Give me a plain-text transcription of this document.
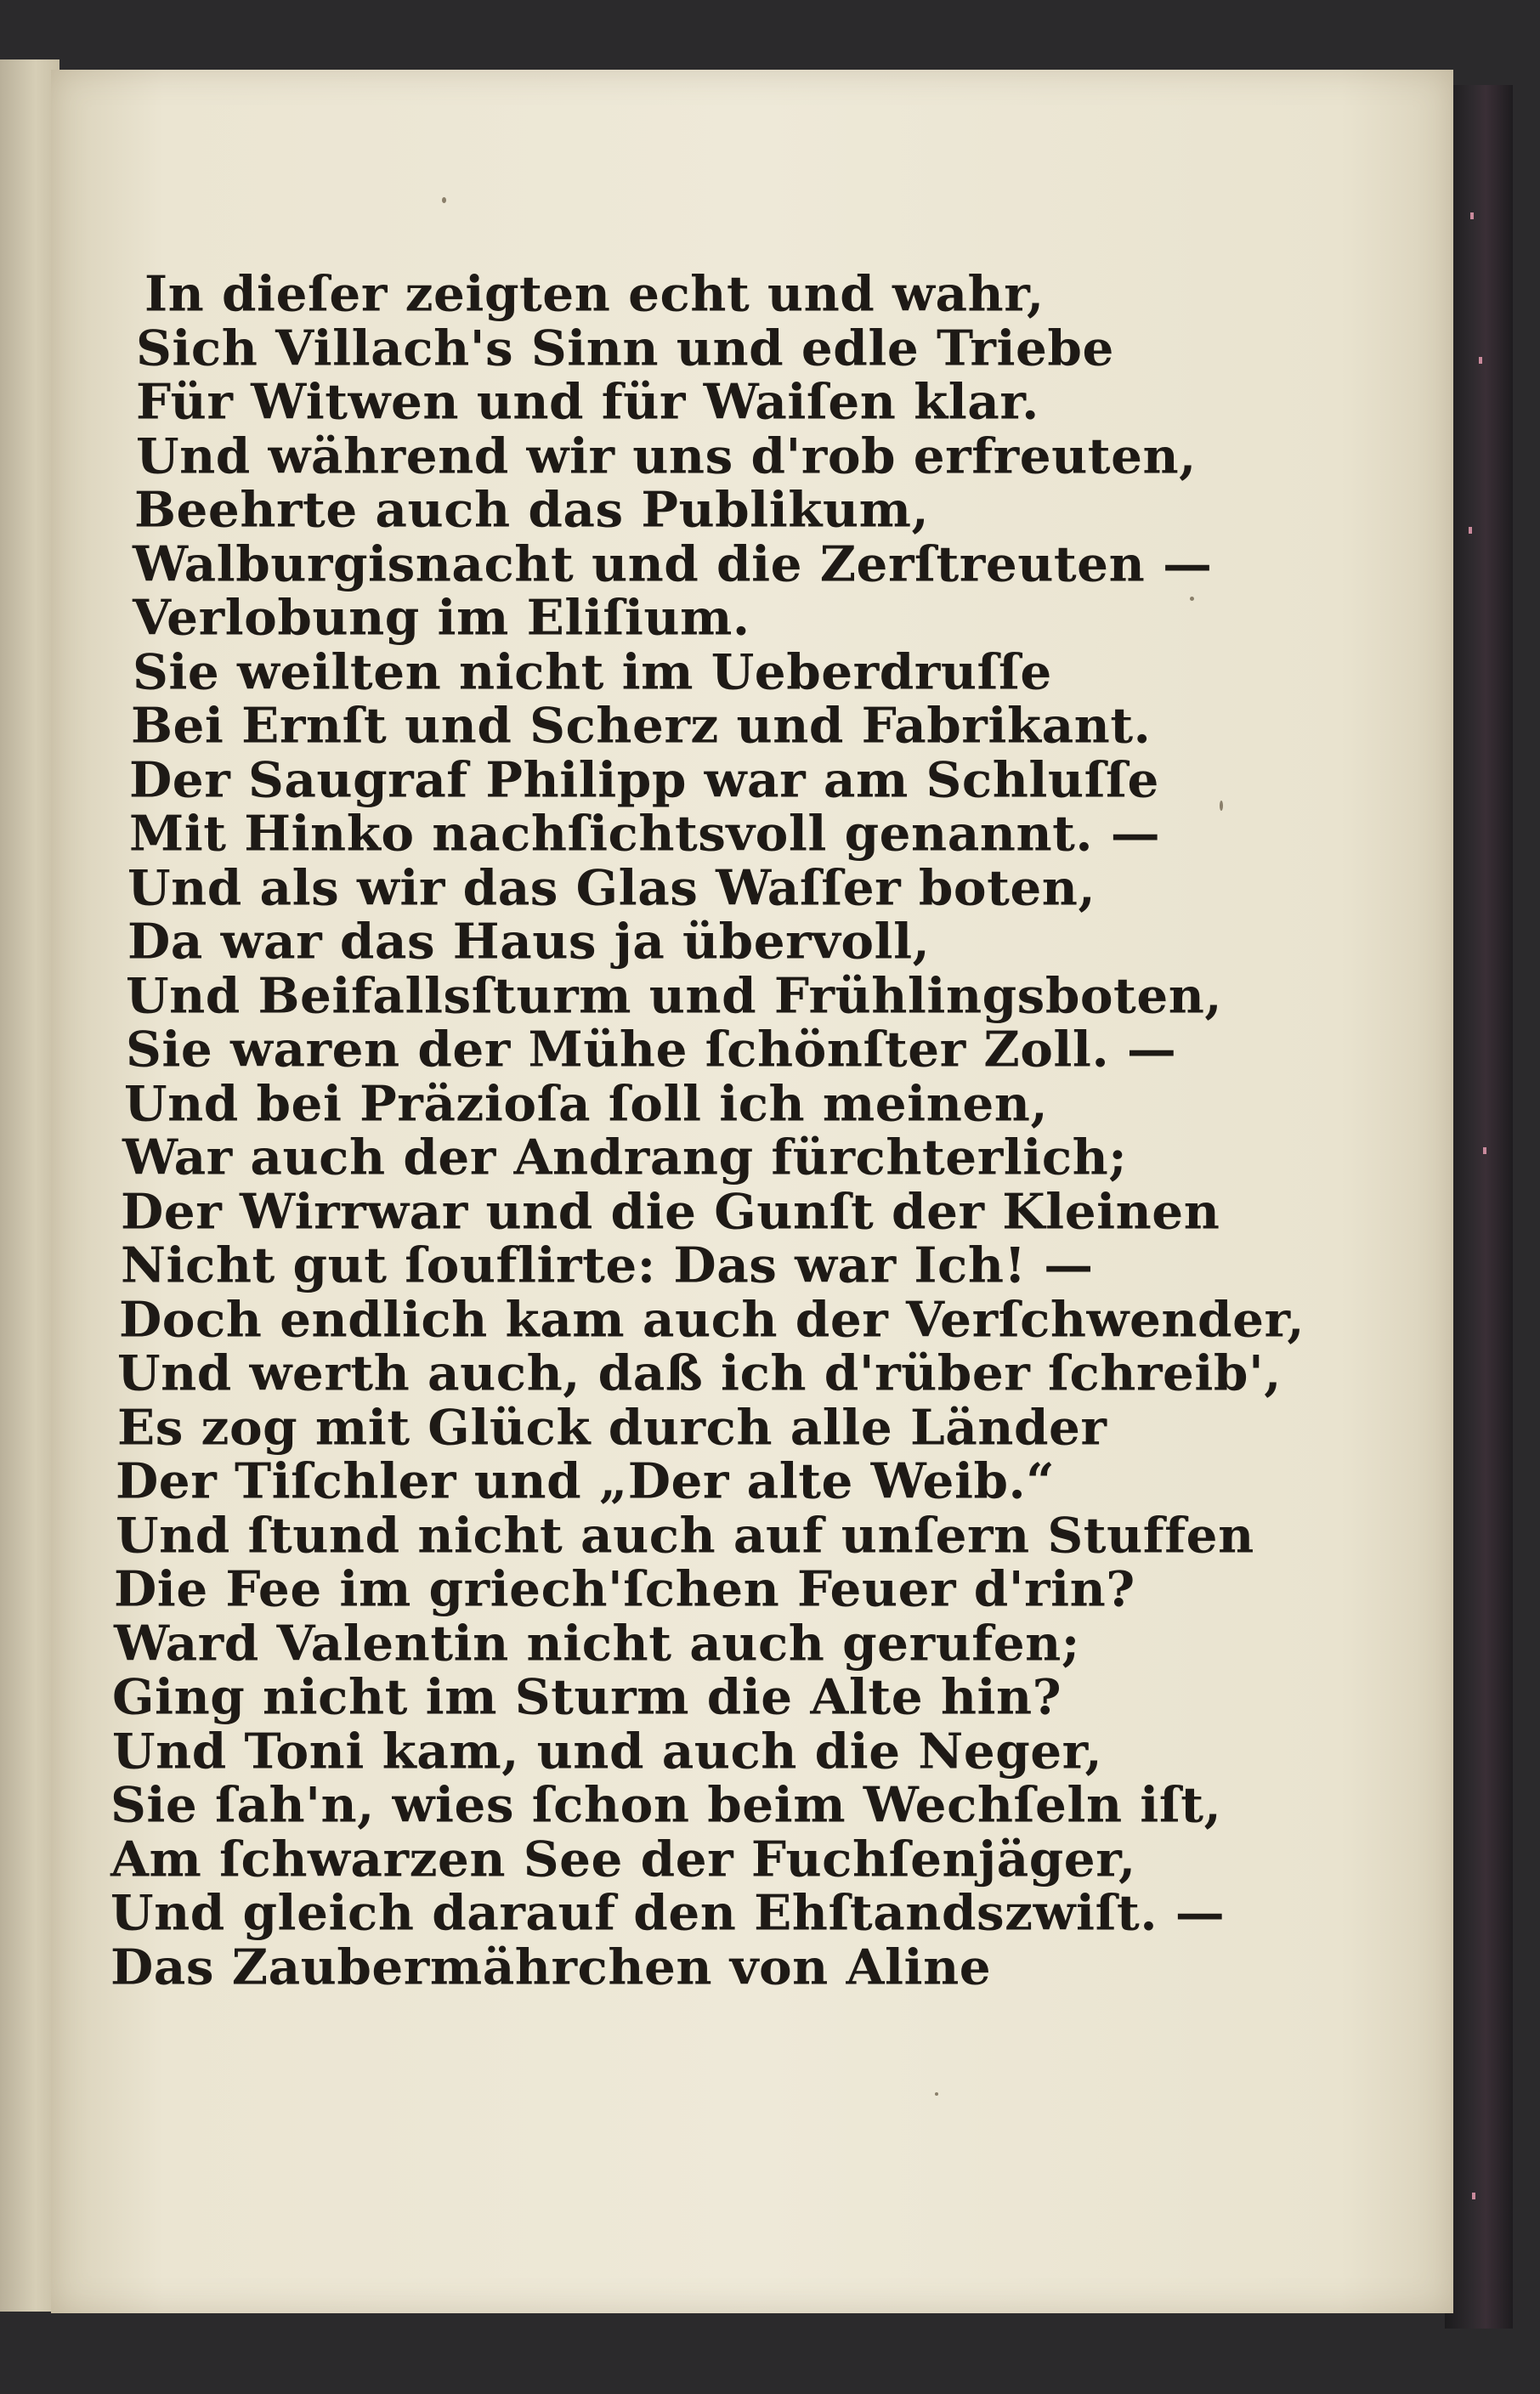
In dieſer zeigten echt und wahr,
Sich Villach's Sinn und edle Triebe
Für Witwen und für Waiſen klar.
Und während wir uns d'rob erfreuten,
Beehrte auch das Publikum,
Walburgisnacht und die Zerſtreuten —
Verlobung im Eliſium.
Sie weilten nicht im Ueberdruſſe
Bei Ernſt und Scherz und Fabrikant.
Der Saugraf Philipp war am Schluſſe
Mit Hinko nachſichtsvoll genannt. —
Und als wir das Glas Waſſer boten,
Da war das Haus ja übervoll,
Und Beifallsſturm und Frühlingsboten,
Sie waren der Mühe ſchönſter Zoll. —
Und bei Präzioſa ſoll ich meinen,
War auch der Andrang fürchterlich;
Der Wirrwar und die Gunſt der Kleinen
Nicht gut ſouflirte: Das war Ich! —
Doch endlich kam auch der Verſchwender,
Und werth auch, daß ich d'rüber ſchreib',
Es zog mit Glück durch alle Länder
Der Tiſchler und „Der alte Weib.“
Und ſtund nicht auch auf unſern Stuffen
Die Fee im griech'ſchen Feuer d'rin?
Ward Valentin nicht auch gerufen;
Ging nicht im Sturm die Alte hin?
Und Toni kam, und auch die Neger,
Sie ſah'n, wies ſchon beim Wechſeln iſt,
Am ſchwarzen See der Fuchſenjäger,
Und gleich darauf den Ehſtandszwiſt. —
Das Zaubermährchen von Aline
